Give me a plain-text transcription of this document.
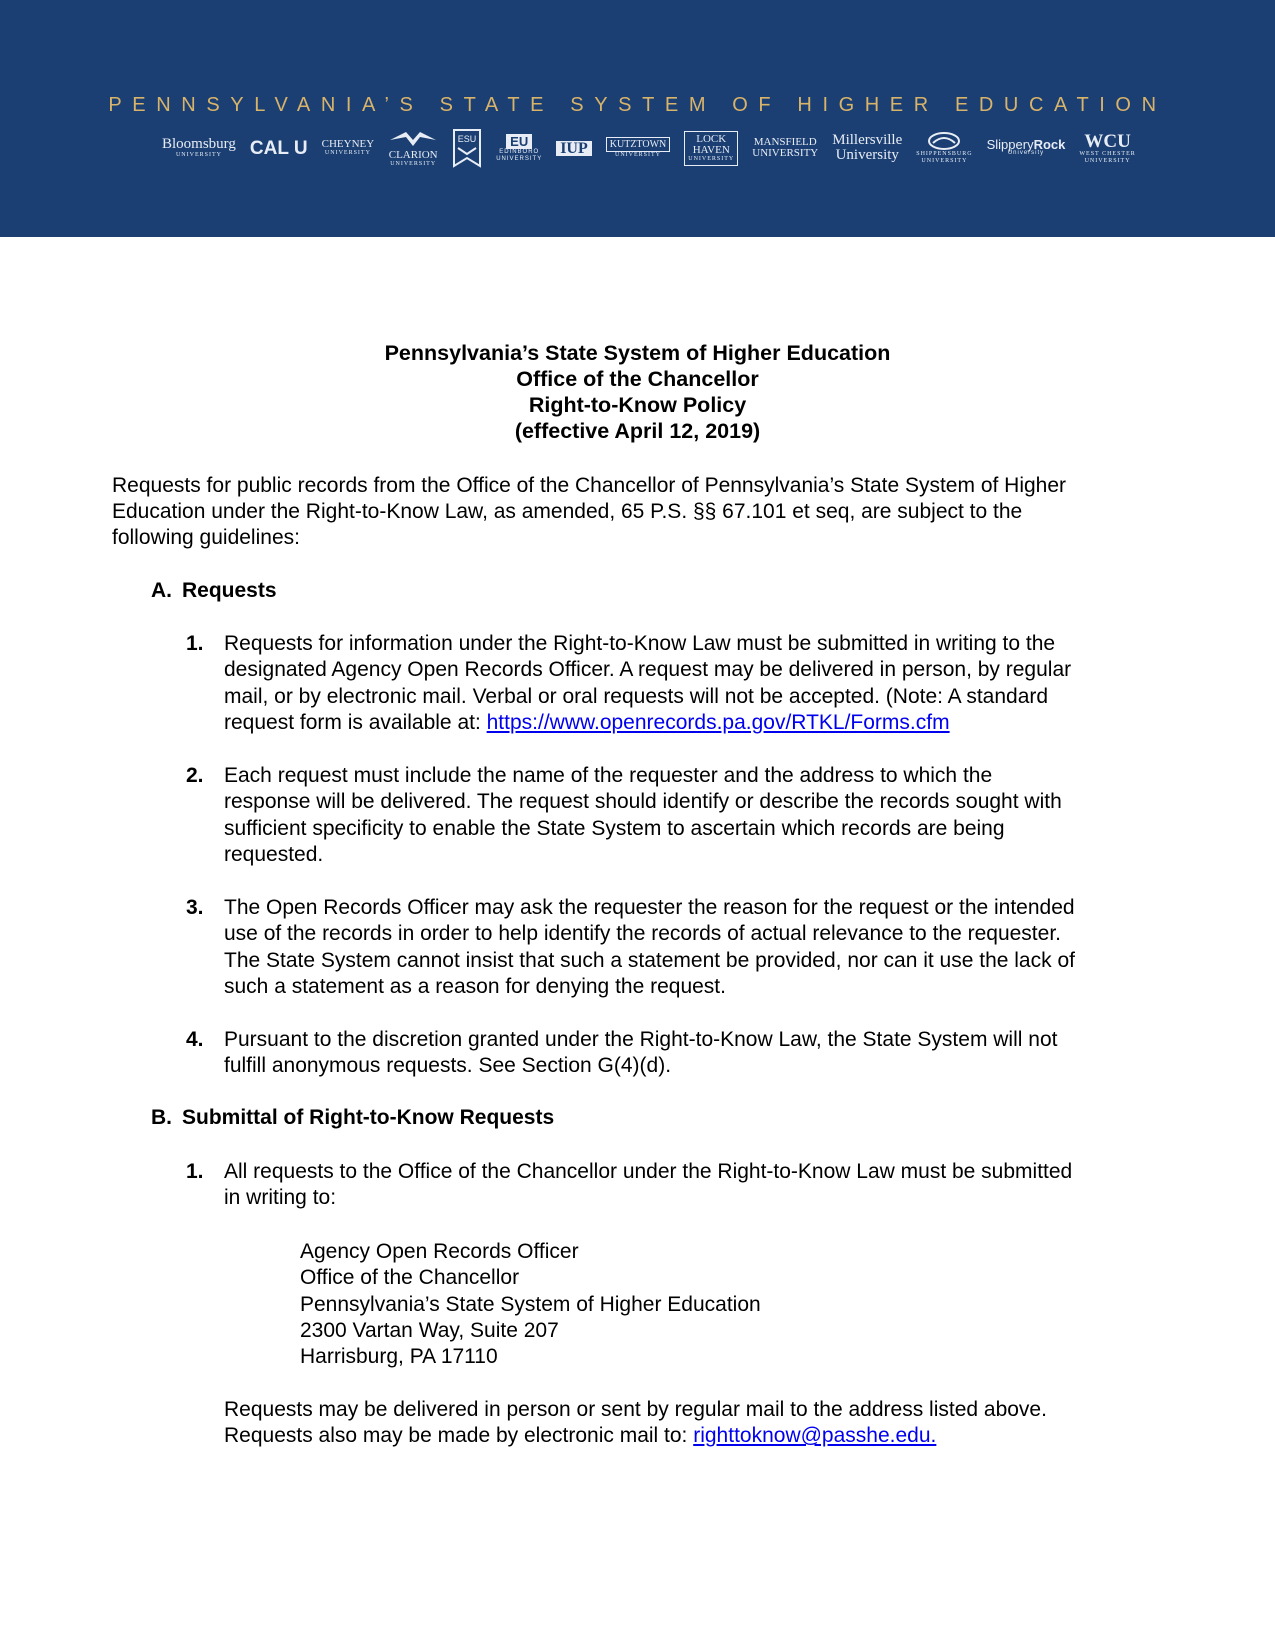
PENNSYLVANIA’S STATE SYSTEM OF HIGHER EDUCATION
Bloomsburg
UNIVERSITY CAL U CHEYNEY
UNIVERSITY CLARION
UNIVERSITY
ESU	EU
EDINBORO
UNIVERSITY
IUP	KUTZTOWN
UNIVERSITY
LOCK
HAVEN
UNIVERSITY
MANSFIELD
UNIVERSITY
Millersville
University	SHIPPENSBURG
UNIVERSITY
SlipperyRock
University
WCU
WEST CHESTER
UNIVERSITY
Pennsylvania’s State System of Higher Education
Office of the Chancellor
Right-to-Know Policy
(effective April 12, 2019)
Requests for public records from the Office of the Chancellor of Pennsylvania’s State System of Higher
Education under the Right-to-Know Law, as amended, 65 P.S. §§ 67.101 et seq, are subject to the
following guidelines:
A. Requests
1. Requests for information under the Right-to-Know Law must be submitted in writing to the
designated Agency Open Records Officer. A request may be delivered in person, by regular
mail, or by electronic mail. Verbal or oral requests will not be accepted. (Note: A standard
request form is available at: https://www.openrecords.pa.gov/RTKL/Forms.cfm
2. Each request must include the name of the requester and the address to which the
response will be delivered. The request should identify or describe the records sought with
sufficient specificity to enable the State System to ascertain which records are being
requested.
3. The Open Records Officer may ask the requester the reason for the request or the intended
use of the records in order to help identify the records of actual relevance to the requester.
The State System cannot insist that such a statement be provided, nor can it use the lack of
such a statement as a reason for denying the request.
4. Pursuant to the discretion granted under the Right-to-Know Law, the State System will not
fulfill anonymous requests. See Section G(4)(d).
B. Submittal of Right-to-Know Requests
1. All requests to the Office of the Chancellor under the Right-to-Know Law must be submitted
in writing to:
Agency Open Records Officer
Office of the Chancellor
Pennsylvania’s State System of Higher Education
2300 Vartan Way, Suite 207
Harrisburg, PA 17110
Requests may be delivered in person or sent by regular mail to the address listed above.
Requests also may be made by electronic mail to: righttoknow@passhe.edu.
